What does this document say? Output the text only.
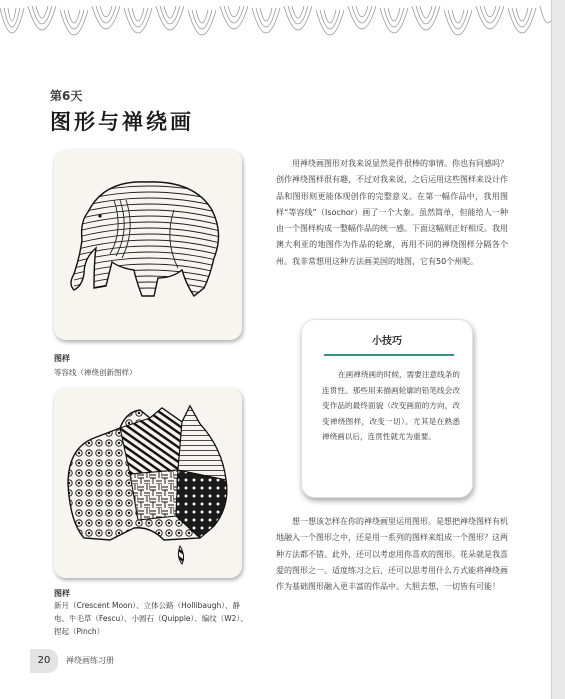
第6天
图形与禅绕画
图样
等容线（禅绕创新图样）
图样
新月（Crescent Moon）、立体公路（Hollibaugh）、静电、牛毛草（Fescu）、小圆石（Quipple）、编纹（W2）、捏起（Pinch）
用禅绕画图形对我来说显然是件很棒的事情。你也有同感吗？创作禅绕图样很有趣，不过对我来说，之后运用这些图样来设计作品和图形则更能体现创作的完整意义。在第一幅作品中，我用图样“等容线”（Isochor）画了一个大象。虽然简单，但能给人一种由一个图样构成一整幅作品的统一感。下面这幅则正好相反。我用澳大利亚的地图作为作品的轮廓，再用不同的禅绕图样分隔各个州。我非常想用这种方法画美国的地图，它有50个州呢。
小技巧
在画禅绕画的时候，需要注意线条的连贯性。那些用来描画轮廓的铅笔线会改变作品的最终面貌（改变画面的方向，改变禅绕图样，改变一切）。尤其是在熟悉禅绕画以后，连贯性就尤为重要。
想一想该怎样在你的禅绕画里运用图形。是想把禅绕图样有机地融入一个图形之中，还是用一系列的图样来组成一个图形？这两种方法都不错。此外，还可以考虑用你喜欢的图形。花朵就是我喜爱的图形之一。适度练习之后，还可以思考用什么方式能将禅绕画作为基础图形融入更丰富的作品中。大胆去想，一切皆有可能！
20	禅绕画练习册
